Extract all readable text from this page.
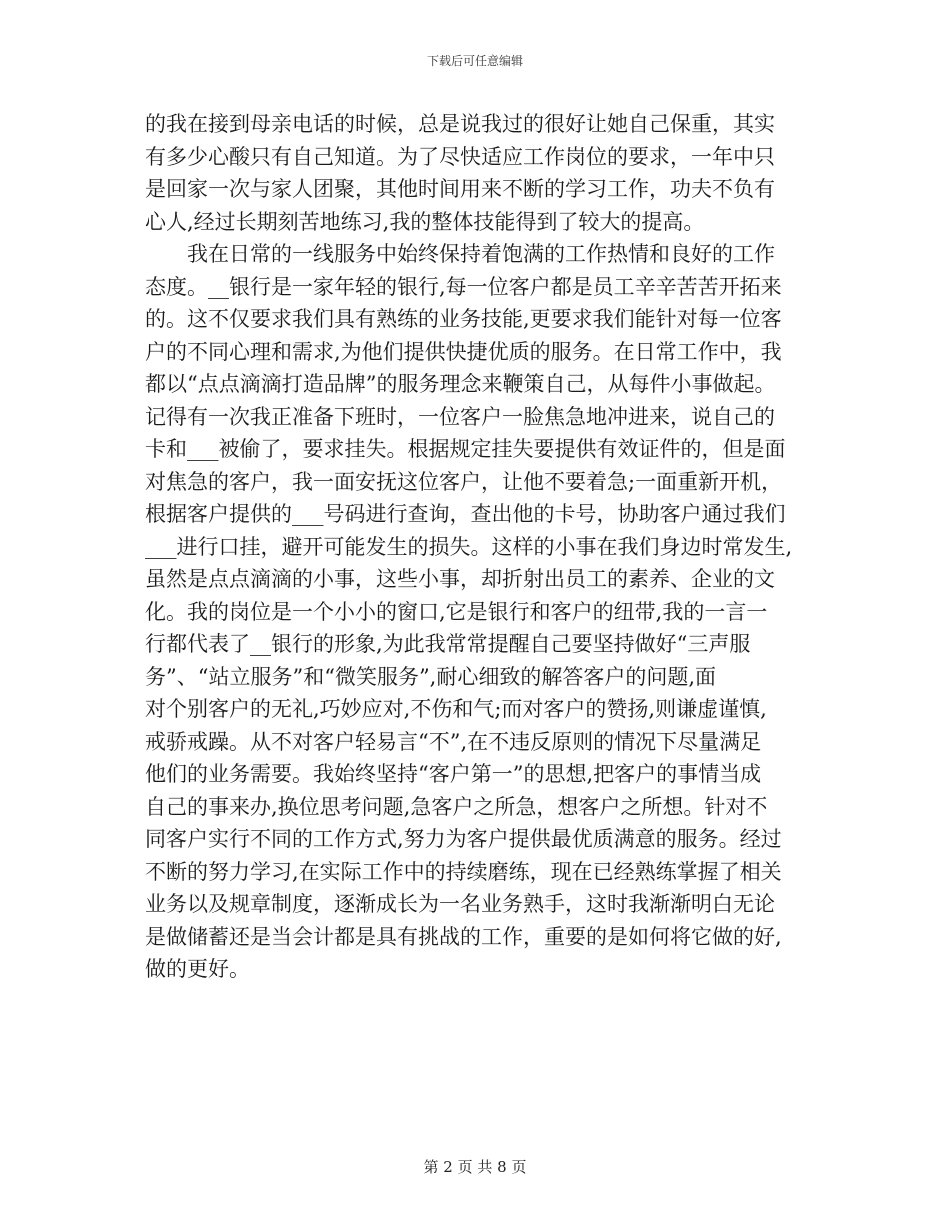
下载后可任意编辑
的我在接到母亲电话的时候，总是说我过的很好让她自己保重，其实
有多少心酸只有自己知道。为了尽快适应工作岗位的要求，一年中只
是回家一次与家人团聚，其他时间用来不断的学习工作，功夫不负有
心人,经过长期刻苦地练习,我的整体技能得到了较大的提高。
　　我在日常的一线服务中始终保持着饱满的工作热情和良好的工作
态度。__银行是一家年轻的银行,每一位客户都是员工辛辛苦苦开拓来
的。这不仅要求我们具有熟练的业务技能,更要求我们能针对每一位客
户的不同心理和需求,为他们提供快捷优质的服务。在日常工作中，我
都以“点点滴滴打造品牌”的服务理念来鞭策自己，从每件小事做起。
记得有一次我正准备下班时，一位客户一脸焦急地冲进来，说自己的
卡和___被偷了，要求挂失。根据规定挂失要提供有效证件的，但是面
对焦急的客户，我一面安抚这位客户，让他不要着急;一面重新开机，
根据客户提供的___号码进行查询，查出他的卡号，协助客户通过我们
___进行口挂，避开可能发生的损失。这样的小事在我们身边时常发生,
虽然是点点滴滴的小事，这些小事，却折射出员工的素养、企业的文
化。我的岗位是一个小小的窗口,它是银行和客户的纽带,我的一言一
行都代表了__银行的形象,为此我常常提醒自己要坚持做好“三声服
务”、“站立服务”和“微笑服务”,耐心细致的解答客户的问题,面
对个别客户的无礼,巧妙应对,不伤和气;而对客户的赞扬,则谦虚谨慎,
戒骄戒躁。从不对客户轻易言“不”,在不违反原则的情况下尽量满足
他们的业务需要。我始终坚持“客户第一”的思想,把客户的事情当成
自己的事来办,换位思考问题,急客户之所急，想客户之所想。针对不
同客户实行不同的工作方式,努力为客户提供最优质满意的服务。经过
不断的努力学习,在实际工作中的持续磨练，现在已经熟练掌握了相关
业务以及规章制度，逐渐成长为一名业务熟手，这时我渐渐明白无论
是做储蓄还是当会计都是具有挑战的工作，重要的是如何将它做的好,
做的更好。
第 2 页 共 8 页
